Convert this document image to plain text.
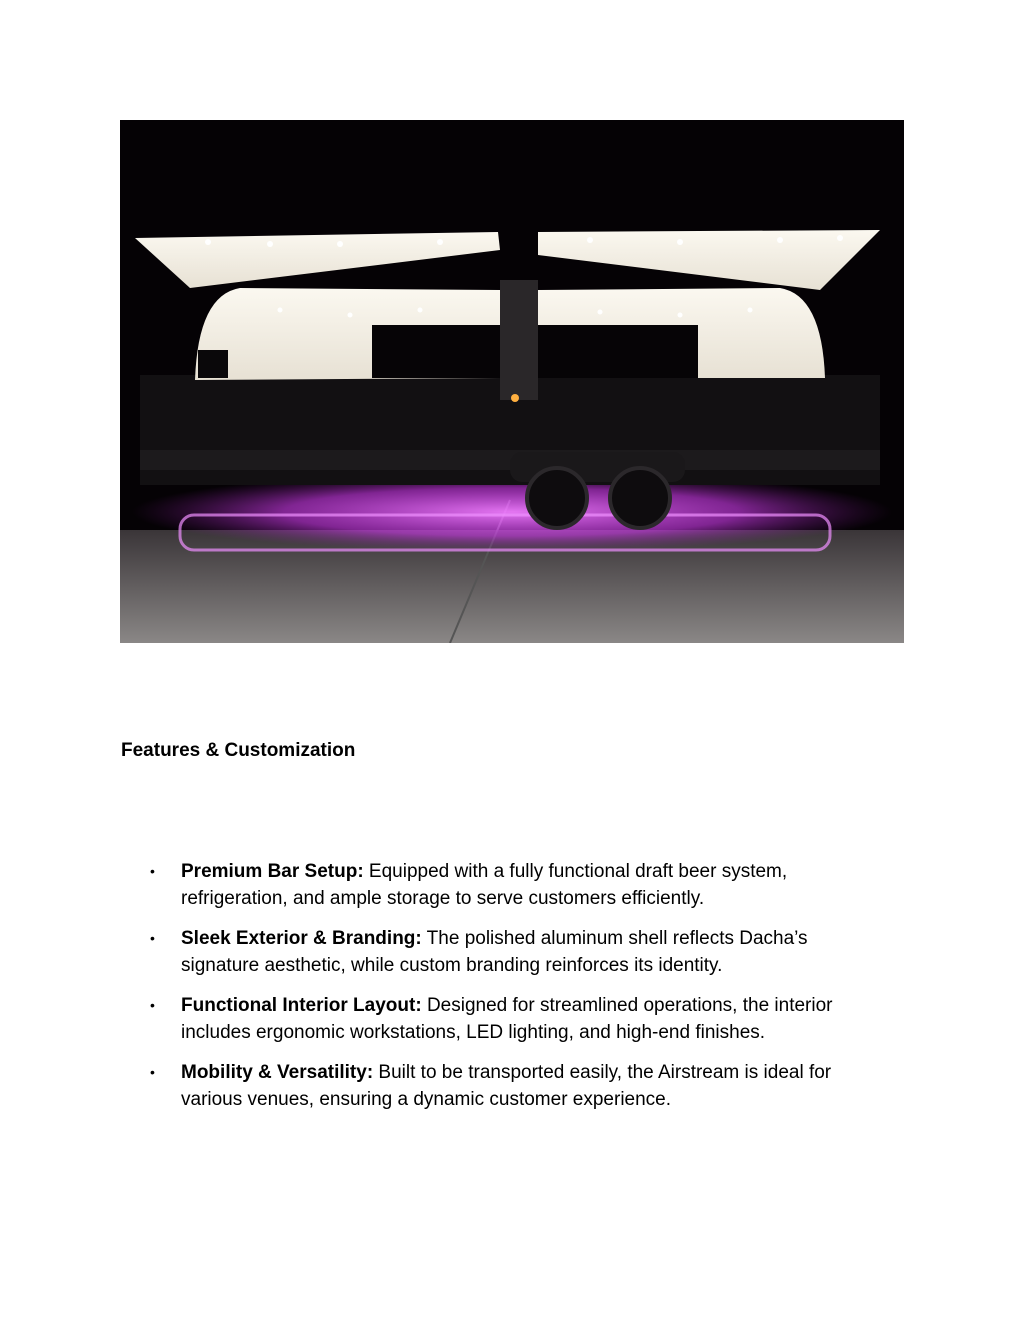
Features & Customization
• Premium Bar Setup: Equipped with a fully functional draft beer system, refrigeration, and ample storage to serve customers efficiently.
• Sleek Exterior & Branding: The polished aluminum shell reflects Dacha’s signature aesthetic, while custom branding reinforces its identity.
• Functional Interior Layout: Designed for streamlined operations, the interior includes ergonomic workstations, LED lighting, and high-end finishes.
• Mobility & Versatility: Built to be transported easily, the Airstream is ideal for various venues, ensuring a dynamic customer experience.
